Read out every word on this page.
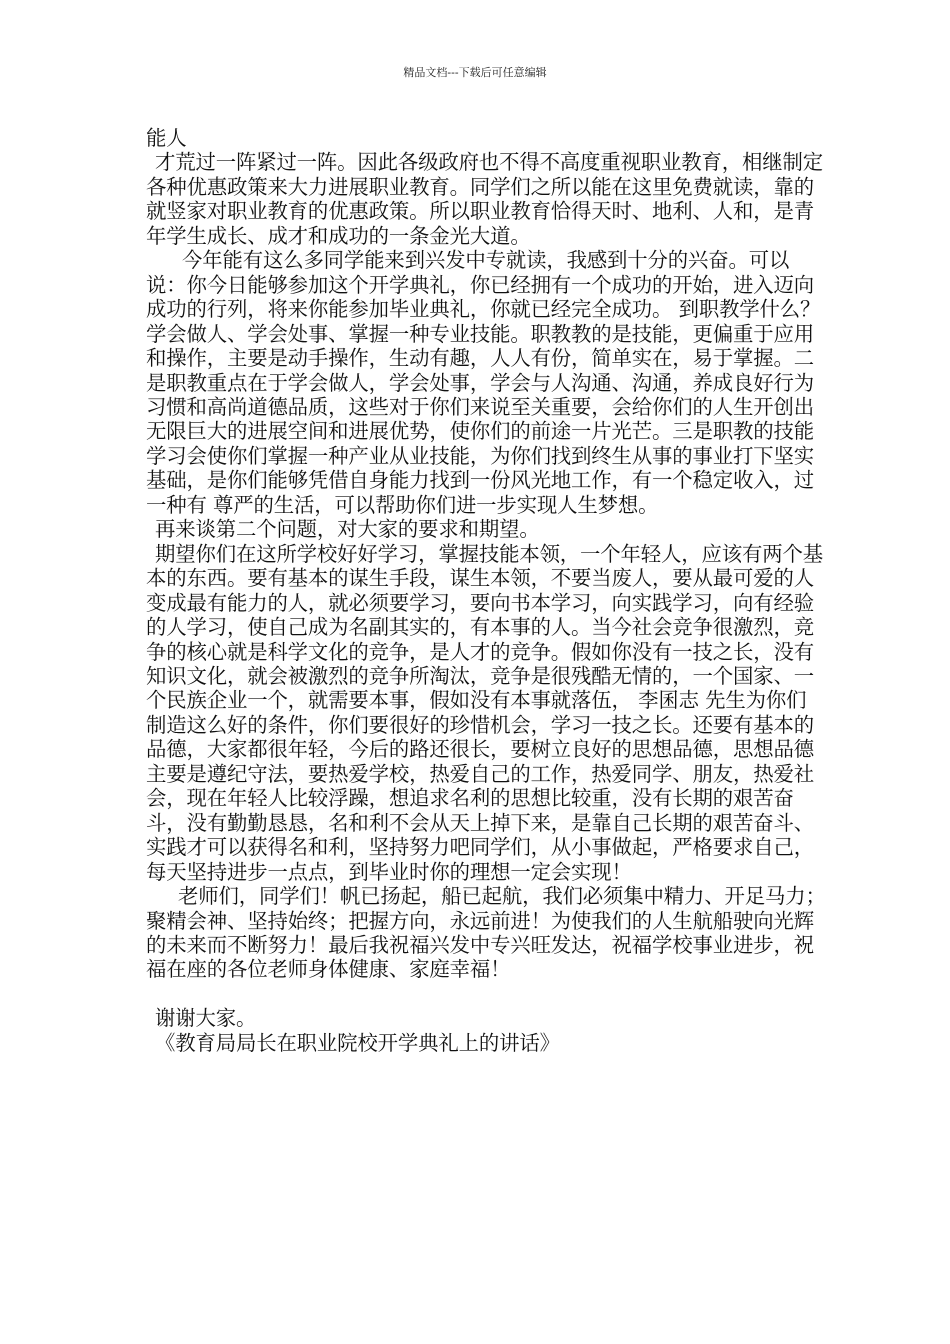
精品文档---下载后可任意编辑

能人

才荒过一阵紧过一阵。因此各级政府也不得不高度重视职业教育，相继制定各种优惠政策来大力进展职业教育。同学们之所以能在这里免费就读，靠的就竖家对职业教育的优惠政策。所以职业教育恰得天时、地利、人和，是青年学生成长、成才和成功的一条金光大道。

今年能有这么多同学能来到兴发中专就读，我感到十分的兴奋。可以说：你今日能够参加这个开学典礼，你已经拥有一个成功的开始，进入迈向成功的行列，将来你能参加毕业典礼，你就已经完全成功。 到职教学什么？学会做人、学会处事、掌握一种专业技能。职教教的是技能，更偏重于应用和操作，主要是动手操作，生动有趣，人人有份，简单实在，易于掌握。二是职教重点在于学会做人，学会处事，学会与人沟通、沟通，养成良好行为习惯和高尚道德品质，这些对于你们来说至关重要，会给你们的人生开创出无限巨大的进展空间和进展优势，使你们的前途一片光芒。三是职教的技能学习会使你们掌握一种产业从业技能，为你们找到终生从事的事业打下坚实基础，是你们能够凭借自身能力找到一份风光地工作，有一个稳定收入，过一种有 尊严的生活，可以帮助你们进一步实现人生梦想。

再来谈第二个问题，对大家的要求和期望。

期望你们在这所学校好好学习，掌握技能本领，一个年轻人，应该有两个基本的东西。要有基本的谋生手段，谋生本领，不要当废人，要从最可爱的人变成最有能力的人，就必须要学习，要向书本学习，向实践学习，向有经验的人学习，使自己成为名副其实的，有本事的人。当今社会竞争很激烈，竞争的核心就是科学文化的竞争，是人才的竞争。假如你没有一技之长，没有知识文化，就会被激烈的竞争所淘汰，竞争是很残酷无情的，一个国家、一个民族企业一个，就需要本事，假如没有本事就落伍， 李囷志 先生为你们制造这么好的条件，你们要很好的珍惜机会，学习一技之长。还要有基本的品德，大家都很年轻，今后的路还很长，要树立良好的思想品德，思想品德主要是遵纪守法，要热爱学校，热爱自己的工作，热爱同学、朋友，热爱社会，现在年轻人比较浮躁，想追求名利的思想比较重，没有长期的艰苦奋斗，没有勤勤恳恳，名和利不会从天上掉下来，是靠自己长期的艰苦奋斗、实践才可以获得名和利，坚持努力吧同学们，从小事做起，严格要求自己，每天坚持进步一点点，到毕业时你的理想一定会实现！

老师们，同学们！帆已扬起，船已起航，我们必须集中精力、开足马力；聚精会神、坚持始终；把握方向，永远前进！为使我们的人生航船驶向光辉的未来而不断努力！最后我祝福兴发中专兴旺发达，祝福学校事业进步，祝福在座的各位老师身体健康、家庭幸福！

谢谢大家。

《教育局局长在职业院校开学典礼上的讲话》
